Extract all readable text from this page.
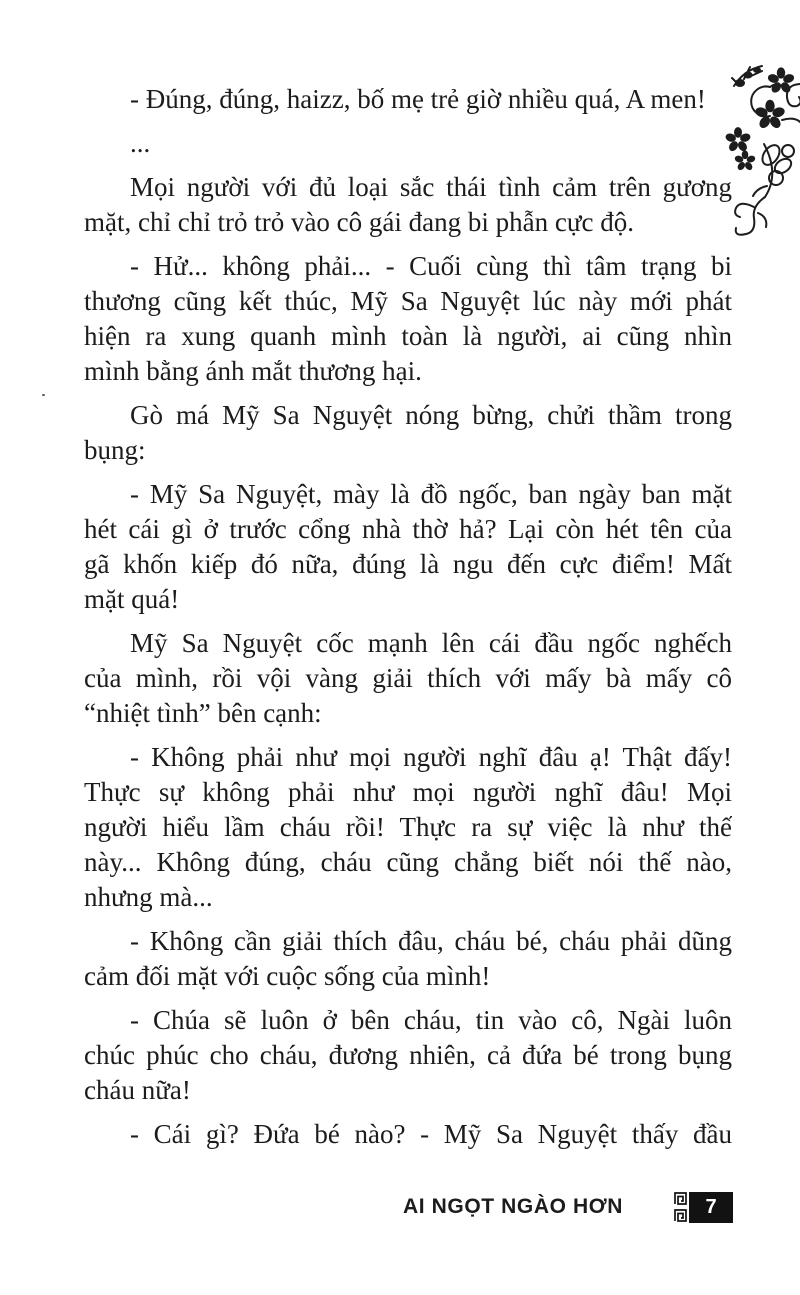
- Đúng, đúng, haizz, bố mẹ trẻ giờ nhiều quá, A men!

...

Mọi người với đủ loại sắc thái tình cảm trên gương
mặt, chỉ chỉ trỏ trỏ vào cô gái đang bi phẫn cực độ.

- Hử... không phải... - Cuối cùng thì tâm trạng bi
thương cũng kết thúc, Mỹ Sa Nguyệt lúc này mới phát
hiện ra xung quanh mình toàn là người, ai cũng nhìn
mình bằng ánh mắt thương hại.

Gò má Mỹ Sa Nguyệt nóng bừng, chửi thầm trong
bụng:

- Mỹ Sa Nguyệt, mày là đồ ngốc, ban ngày ban mặt
hét cái gì ở trước cổng nhà thờ hả? Lại còn hét tên của
gã khốn kiếp đó nữa, đúng là ngu đến cực điểm! Mất
mặt quá!

Mỹ Sa Nguyệt cốc mạnh lên cái đầu ngốc nghếch
của mình, rồi vội vàng giải thích với mấy bà mấy cô
“nhiệt tình” bên cạnh:

- Không phải như mọi người nghĩ đâu ạ! Thật đấy!
Thực sự không phải như mọi người nghĩ đâu! Mọi
người hiểu lầm cháu rồi! Thực ra sự việc là như thế
này... Không đúng, cháu cũng chẳng biết nói thế nào,
nhưng mà...

- Không cần giải thích đâu, cháu bé, cháu phải dũng
cảm đối mặt với cuộc sống của mình!

- Chúa sẽ luôn ở bên cháu, tin vào cô, Ngài luôn
chúc phúc cho cháu, đương nhiên, cả đứa bé trong bụng
cháu nữa!

- Cái gì? Đứa bé nào? - Mỹ Sa Nguyệt thấy đầu

AI NGỌT NGÀO HƠN	7
